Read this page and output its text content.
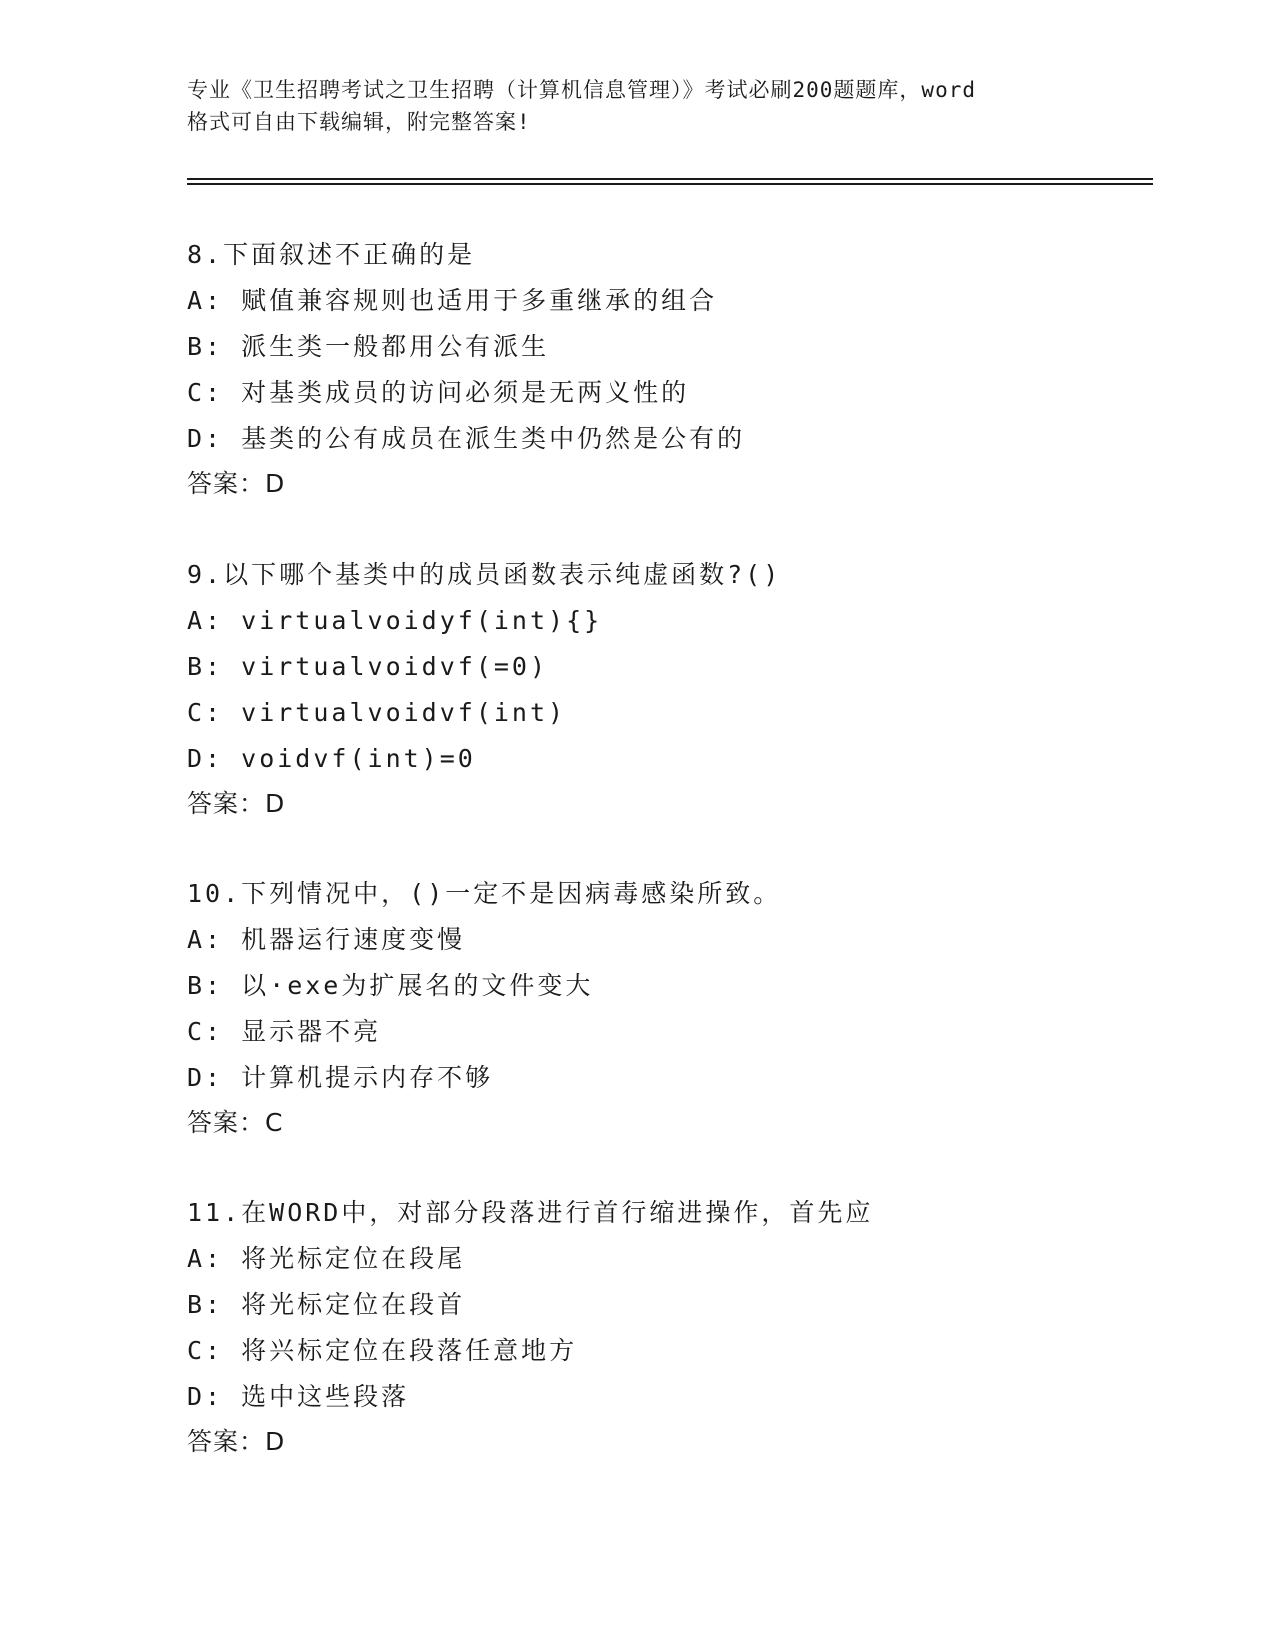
专业《卫生招聘考试之卫生招聘（计算机信息管理）》考试必刷200题题库，word
格式可自由下载编辑，附完整答案!
8.下面叙述不正确的是
A: 赋值兼容规则也适用于多重继承的组合
B: 派生类一般都用公有派生
C: 对基类成员的访问必须是无两义性的
D: 基类的公有成员在派生类中仍然是公有的
答案：D
9.以下哪个基类中的成员函数表示纯虚函数?()
A: virtualvoidyf(int){}
B: virtualvoidvf(=0)
C: virtualvoidvf(int)
D: voidvf(int)=0
答案：D
10.下列情况中，()一定不是因病毒感染所致。
A: 机器运行速度变慢
B: 以·exe为扩展名的文件变大
C: 显示器不亮
D: 计算机提示内存不够
答案：C
11.在WORD中，对部分段落进行首行缩进操作，首先应
A: 将光标定位在段尾
B: 将光标定位在段首
C: 将兴标定位在段落任意地方
D: 选中这些段落
答案：D
